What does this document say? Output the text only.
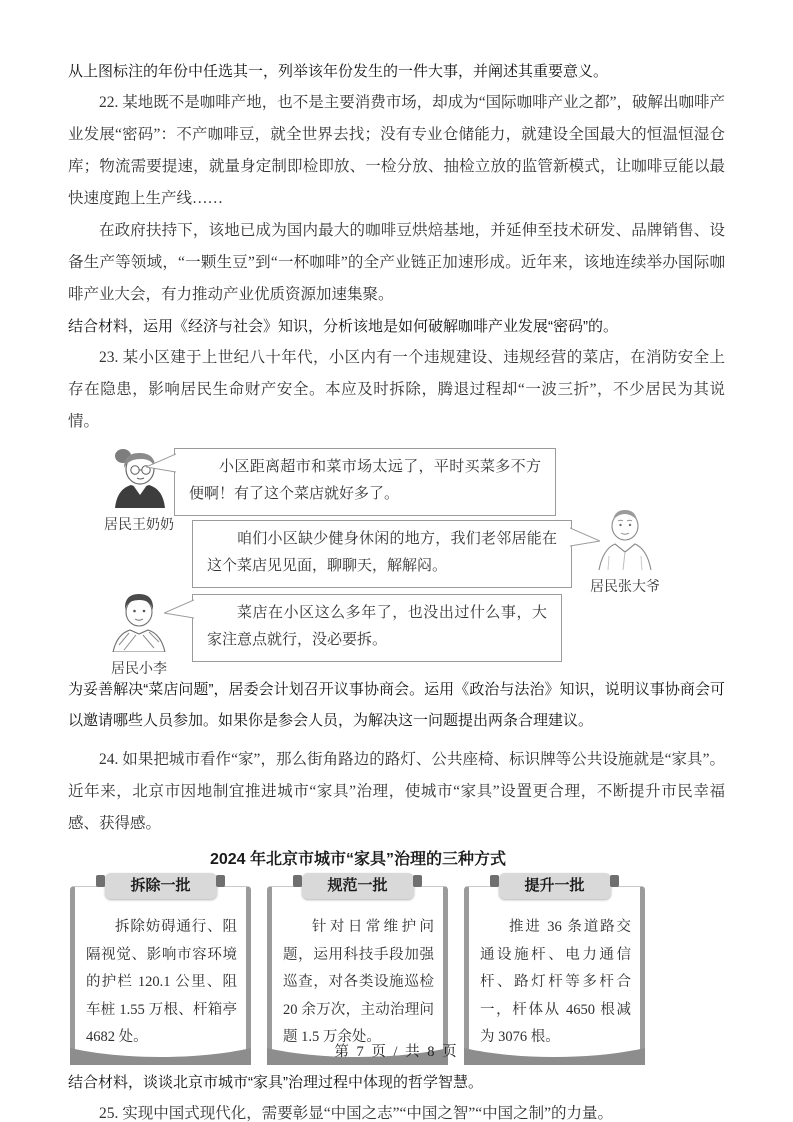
从上图标注的年份中任选其一，列举该年份发生的一件大事，并阐述其重要意义。

22. 某地既不是咖啡产地，也不是主要消费市场，却成为“国际咖啡产业之都”，破解出咖啡产业发展“密码”：不产咖啡豆，就全世界去找；没有专业仓储能力，就建设全国最大的恒温恒湿仓库；物流需要提速，就量身定制即检即放、一检分放、抽检立放的监管新模式，让咖啡豆能以最快速度跑上生产线……

在政府扶持下，该地已成为国内最大的咖啡豆烘焙基地，并延伸至技术研发、品牌销售、设备生产等领域，“一颗生豆”到“一杯咖啡”的全产业链正加速形成。近年来，该地连续举办国际咖啡产业大会，有力推动产业优质资源加速集聚。

结合材料，运用《经济与社会》知识，分析该地是如何破解咖啡产业发展“密码”的。

23. 某小区建于上世纪八十年代，小区内有一个违规建设、违规经营的菜店，在消防安全上存在隐患，影响居民生命财产安全。本应及时拆除，腾退过程却“一波三折”，不少居民为其说情。

居民王奶奶

小区距离超市和菜市场太远了，平时买菜多不方便啊！有了这个菜店就好多了。

咱们小区缺少健身休闲的地方，我们老邻居能在这个菜店见见面，聊聊天，解解闷。

居民张大爷

菜店在小区这么多年了，也没出过什么事，大家注意点就行，没必要拆。

居民小李

为妥善解决“菜店问题”，居委会计划召开议事协商会。运用《政治与法治》知识，说明议事协商会可以邀请哪些人员参加。如果你是参会人员，为解决这一问题提出两条合理建议。

24. 如果把城市看作“家”，那么街角路边的路灯、公共座椅、标识牌等公共设施就是“家具”。近年来，北京市因地制宜推进城市“家具”治理，使城市“家具”设置更合理，不断提升市民幸福感、获得感。

2024 年北京市城市“家具”治理的三种方式

拆除一批
拆除妨碍通行、阻隔视觉、影响市容环境的护栏 120.1 公里、阻车桩 1.55 万根、杆箱亭 4682 处。
规范一批
针对日常维护问题，运用科技手段加强巡查，对各类设施巡检 20 余万次，主动治理问题 1.5 万余处。
提升一批
推进 36 条道路交通设施杆、电力通信杆、路灯杆等多杆合一，杆体从 4650 根减为 3076 根。

结合材料，谈谈北京市城市“家具”治理过程中体现的哲学智慧。

25. 实现中国式现代化，需要彰显“中国之志”“中国之智”“中国之制”的力量。

第 7 页 / 共 8 页
